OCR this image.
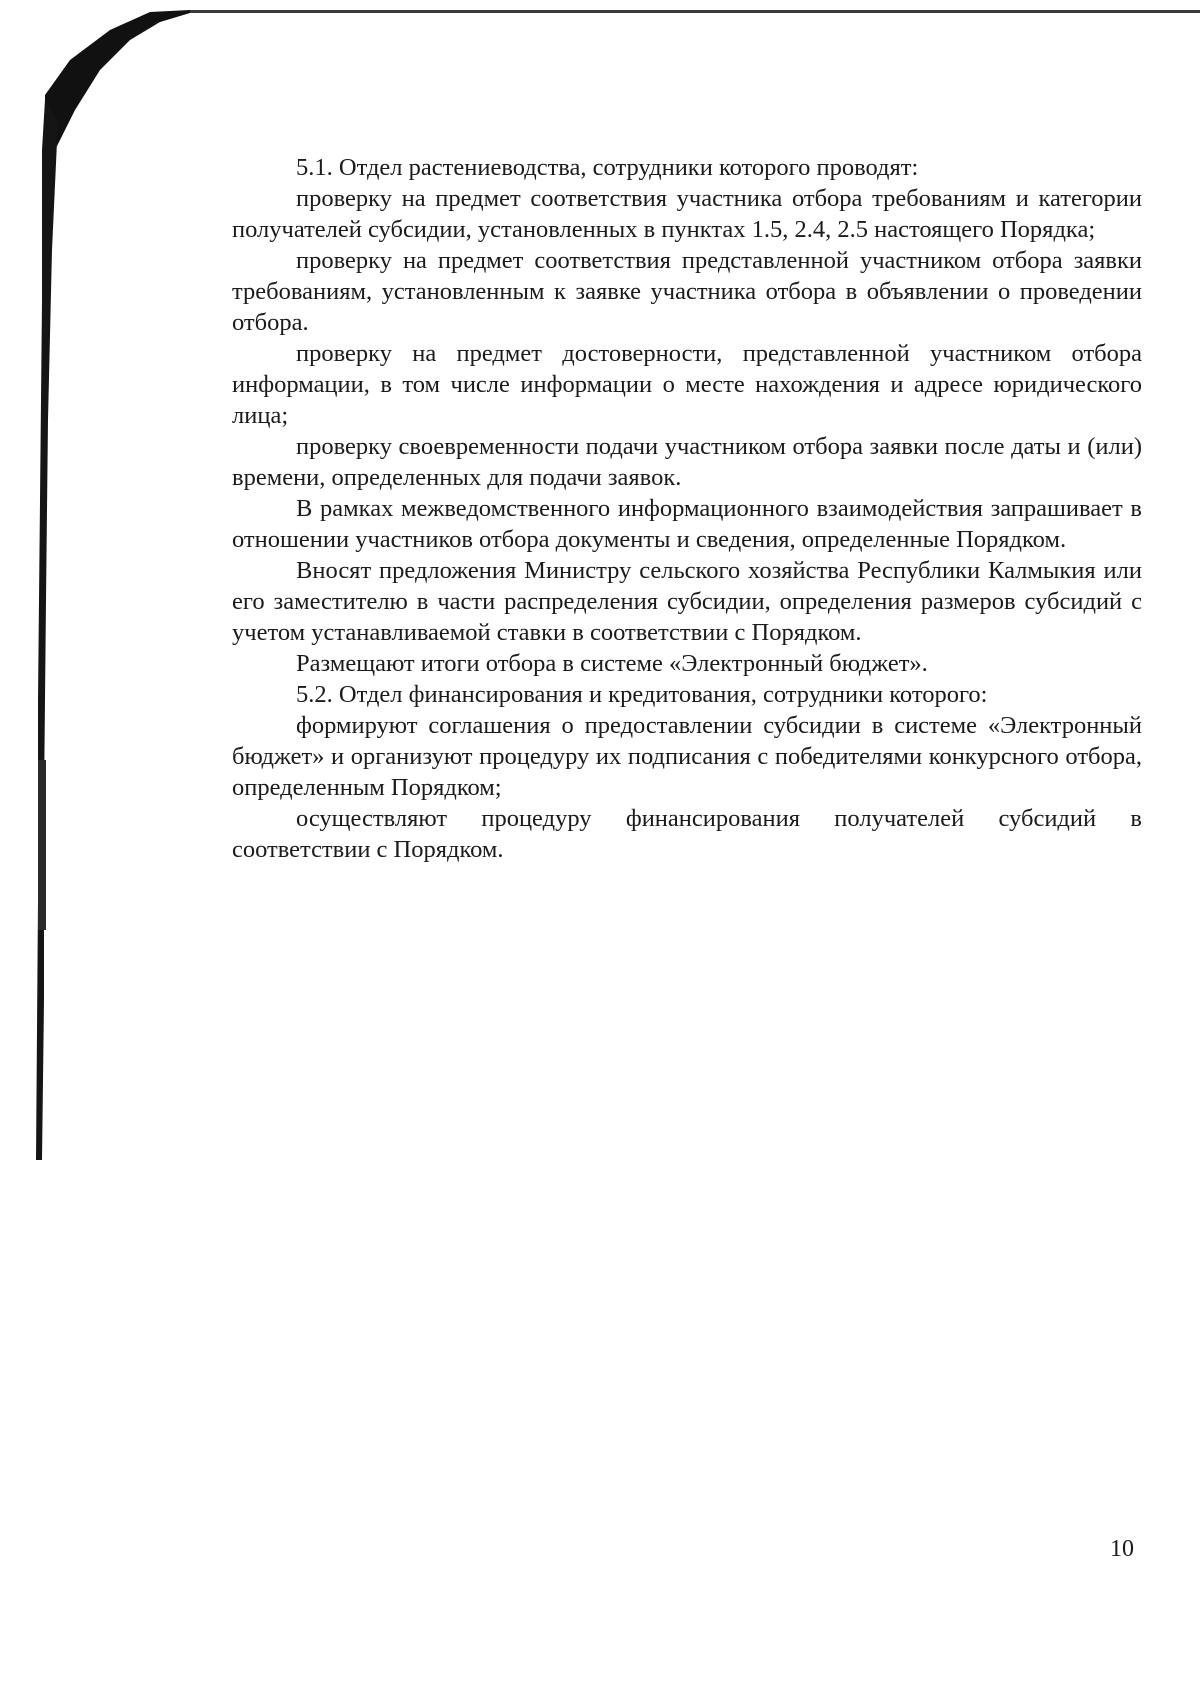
5.1. Отдел растениеводства, сотрудники которого проводят:

проверку на предмет соответствия участника отбора требованиям и категории получателей субсидии, установленных в пунктах 1.5, 2.4, 2.5 настоящего Порядка;

проверку на предмет соответствия представленной участником отбора заявки требованиям, установленным к заявке участника отбора в объявлении о проведении отбора.

проверку на предмет достоверности, представленной участником отбора информации, в том числе информации о месте нахождения и адресе юридического лица;

проверку своевременности подачи участником отбора заявки после даты и (или) времени, определенных для подачи заявок.

В рамках межведомственного информационного взаимодействия запрашивает в отношении участников отбора документы и сведения, определенные Порядком.

Вносят предложения Министру сельского хозяйства Республики Калмыкия или его заместителю в части распределения субсидии, определения размеров субсидий с учетом устанавливаемой ставки в соответствии с Порядком.

Размещают итоги отбора в системе «Электронный бюджет».

5.2. Отдел финансирования и кредитования, сотрудники которого:

формируют соглашения о предоставлении субсидии в системе «Электронный бюджет» и организуют процедуру их подписания с победителями конкурсного отбора, определенным Порядком;

осуществляют процедуру финансирования получателей субсидий в соответствии с Порядком.

10
